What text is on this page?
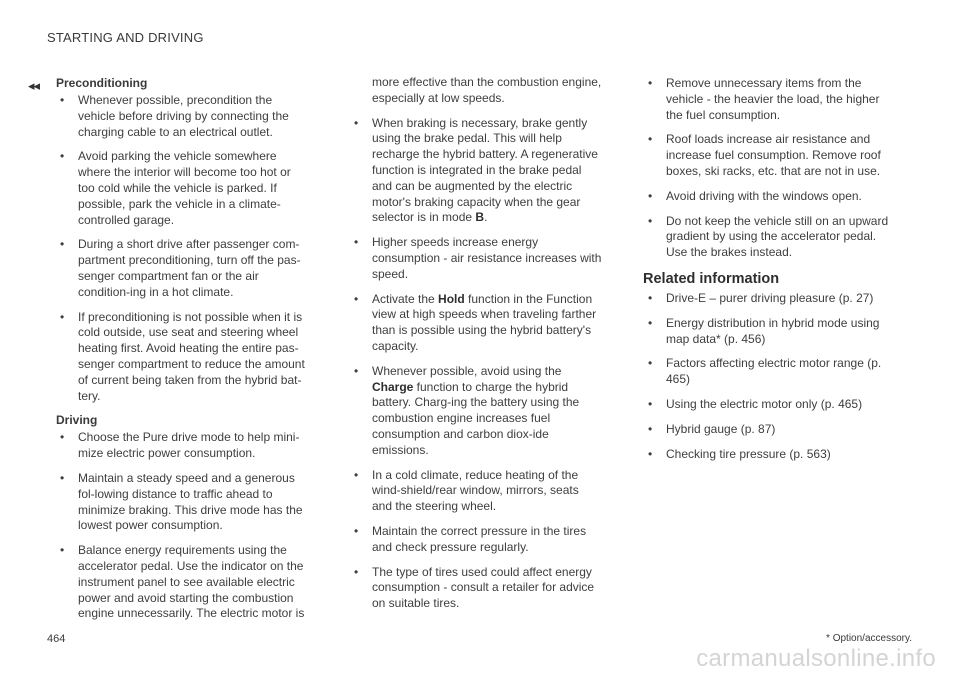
STARTING AND DRIVING
◂◂ Preconditioning
• Whenever possible, precondition the vehicle before driving by connecting the charging cable to an electrical outlet.
• Avoid parking the vehicle somewhere where the interior will become too hot or too cold while the vehicle is parked. If possible, park the vehicle in a climate-controlled garage.
• During a short drive after passenger com-partment preconditioning, turn off the pas-senger compartment fan or the air condition-ing in a hot climate.
• If preconditioning is not possible when it is cold outside, use seat and steering wheel heating first. Avoid heating the entire pas-senger compartment to reduce the amount of current being taken from the hybrid bat-tery.
Driving
• Choose the Pure drive mode to help mini-mize electric power consumption.
• Maintain a steady speed and a generous fol-lowing distance to traffic ahead to minimize braking. This drive mode has the lowest power consumption.
• Balance energy requirements using the accelerator pedal. Use the indicator on the instrument panel to see available electric power and avoid starting the combustion engine unnecessarily. The electric motor is
more effective than the combustion engine, especially at low speeds.
• When braking is necessary, brake gently using the brake pedal. This will help recharge the hybrid battery. A regenerative function is integrated in the brake pedal and can be augmented by the electric motor's braking capacity when the gear selector is in mode B.
• Higher speeds increase energy consumption - air resistance increases with speed.
• Activate the Hold function in the Function view at high speeds when traveling farther than is possible using the hybrid battery's capacity.
• Whenever possible, avoid using the Charge function to charge the hybrid battery. Charg-ing the battery using the combustion engine increases fuel consumption and carbon diox-ide emissions.
• In a cold climate, reduce heating of the wind-shield/rear window, mirrors, seats and the steering wheel.
• Maintain the correct pressure in the tires and check pressure regularly.
• The type of tires used could affect energy consumption - consult a retailer for advice on suitable tires.
• Remove unnecessary items from the vehicle - the heavier the load, the higher the fuel consumption.
• Roof loads increase air resistance and increase fuel consumption. Remove roof boxes, ski racks, etc. that are not in use.
• Avoid driving with the windows open.
• Do not keep the vehicle still on an upward gradient by using the accelerator pedal. Use the brakes instead.
Related information
• Drive-E – purer driving pleasure (p. 27)
• Energy distribution in hybrid mode using map data* (p. 456)
• Factors affecting electric motor range (p. 465)
• Using the electric motor only (p. 465)
• Hybrid gauge (p. 87)
• Checking tire pressure (p. 563)
464	* Option/accessory.
carmanualsonline.info
